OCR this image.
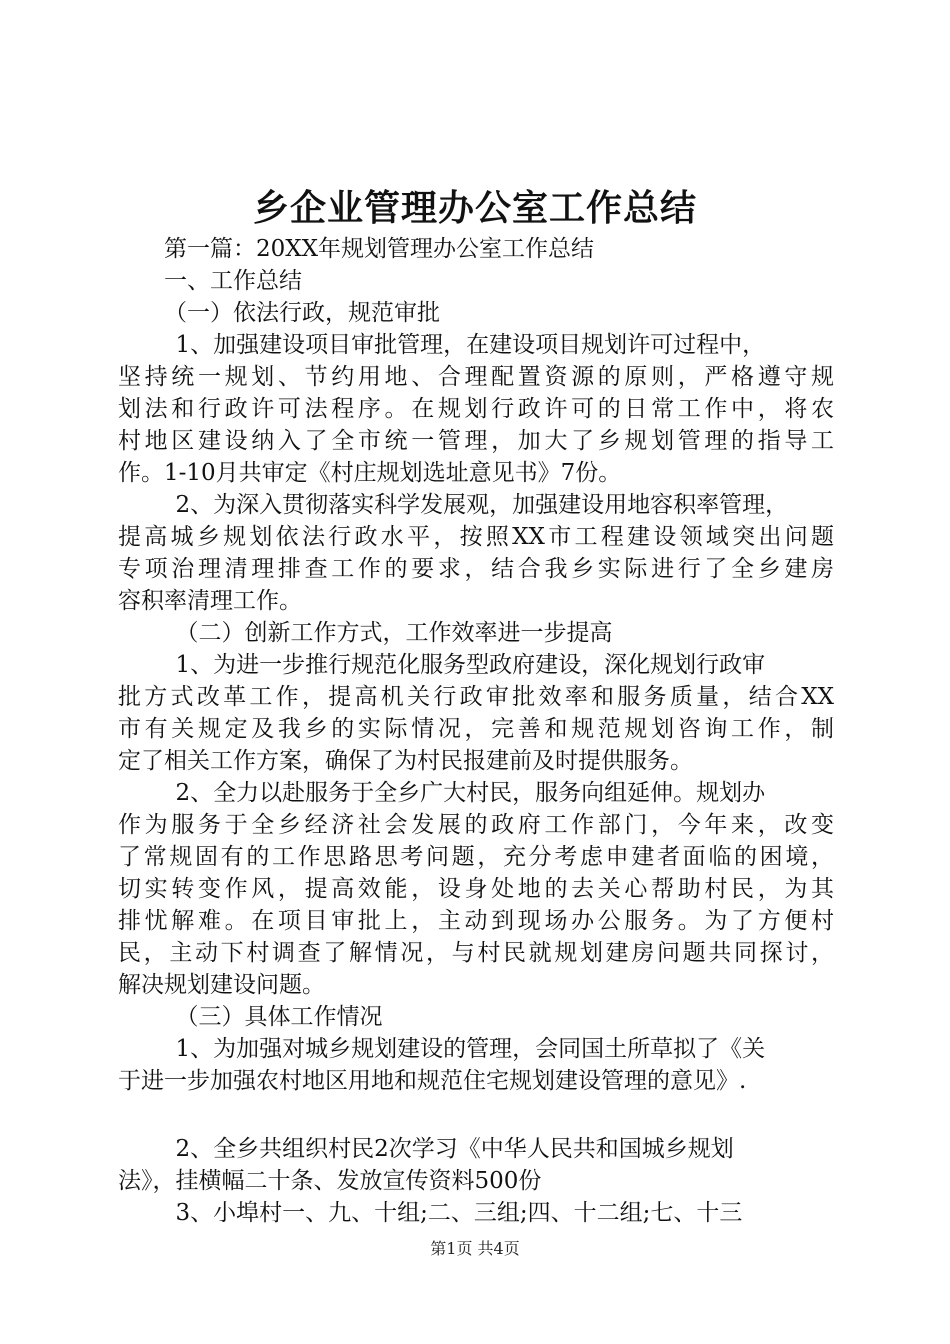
乡企业管理办公室工作总结
第一篇：20XX年规划管理办公室工作总结
一、工作总结
（一）依法行政，规范审批
1、加强建设项目审批管理，在建设项目规划许可过程中，
坚持统一规划、节约用地、合理配置资源的原则，严格遵守规
划法和行政许可法程序。在规划行政许可的日常工作中，将农
村地区建设纳入了全市统一管理，加大了乡规划管理的指导工
作。1-10月共审定《村庄规划选址意见书》7份。
2、为深入贯彻落实科学发展观，加强建设用地容积率管理，
提高城乡规划依法行政水平，按照XX市工程建设领域突出问题
专项治理清理排查工作的要求，结合我乡实际进行了全乡建房
容积率清理工作。
（二）创新工作方式，工作效率进一步提高
1、为进一步推行规范化服务型政府建设，深化规划行政审
批方式改革工作，提高机关行政审批效率和服务质量，结合XX
市有关规定及我乡的实际情况，完善和规范规划咨询工作，制
定了相关工作方案，确保了为村民报建前及时提供服务。
2、全力以赴服务于全乡广大村民，服务向组延伸。规划办
作为服务于全乡经济社会发展的政府工作部门，今年来，改变
了常规固有的工作思路思考问题，充分考虑申建者面临的困境，
切实转变作风，提高效能，设身处地的去关心帮助村民，为其
排忧解难。在项目审批上，主动到现场办公服务。为了方便村
民，主动下村调查了解情况，与村民就规划建房问题共同探讨，
解决规划建设问题。
（三）具体工作情况
1、为加强对城乡规划建设的管理，会同国土所草拟了《关
于进一步加强农村地区用地和规范住宅规划建设管理的意见》.
2、全乡共组织村民2次学习《中华人民共和国城乡规划
法》，挂横幅二十条、发放宣传资料500份
3、小埠村一、九、十组;二、三组;四、十二组;七、十三
第1页 共4页
